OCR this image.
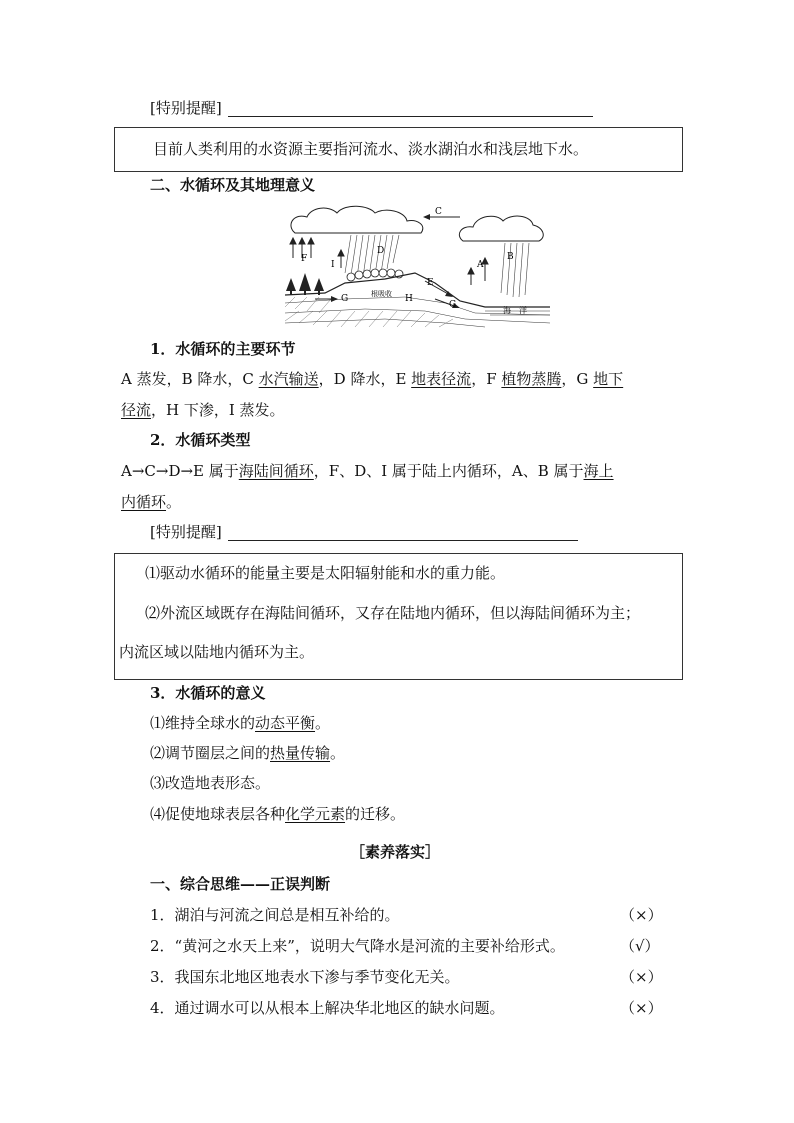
[特别提醒]
目前人类利用的水资源主要指河流水、淡水湖泊水和浅层地下水。
二、水循环及其地理意义
C
D
B
A
F
I
E
G
G
H
根吸收
海　洋
1．水循环的主要环节
A 蒸发，B 降水，C 水汽输送，D 降水，E 地表径流，F 植物蒸腾，G 地下
径流，H 下渗，I 蒸发。
2．水循环类型
A→C→D→E 属于海陆间循环，F、D、I 属于陆上内循环，A、B 属于海上
内循环。
[特别提醒]
⑴驱动水循环的能量主要是太阳辐射能和水的重力能。
⑵外流区域既存在海陆间循环，又存在陆地内循环，但以海陆间循环为主；
内流区域以陆地内循环为主。
3．水循环的意义
⑴维持全球水的动态平衡。
⑵调节圈层之间的热量传输。
⑶改造地表形态。
⑷促使地球表层各种化学元素的迁移。
［素养落实］
一、综合思维——正误判断
1．湖泊与河流之间总是相互补给的。	（×）
2．“黄河之水天上来”，说明大气降水是河流的主要补给形式。	（√）
3．我国东北地区地表水下渗与季节变化无关。	（×）
4．通过调水可以从根本上解决华北地区的缺水问题。	（×）
